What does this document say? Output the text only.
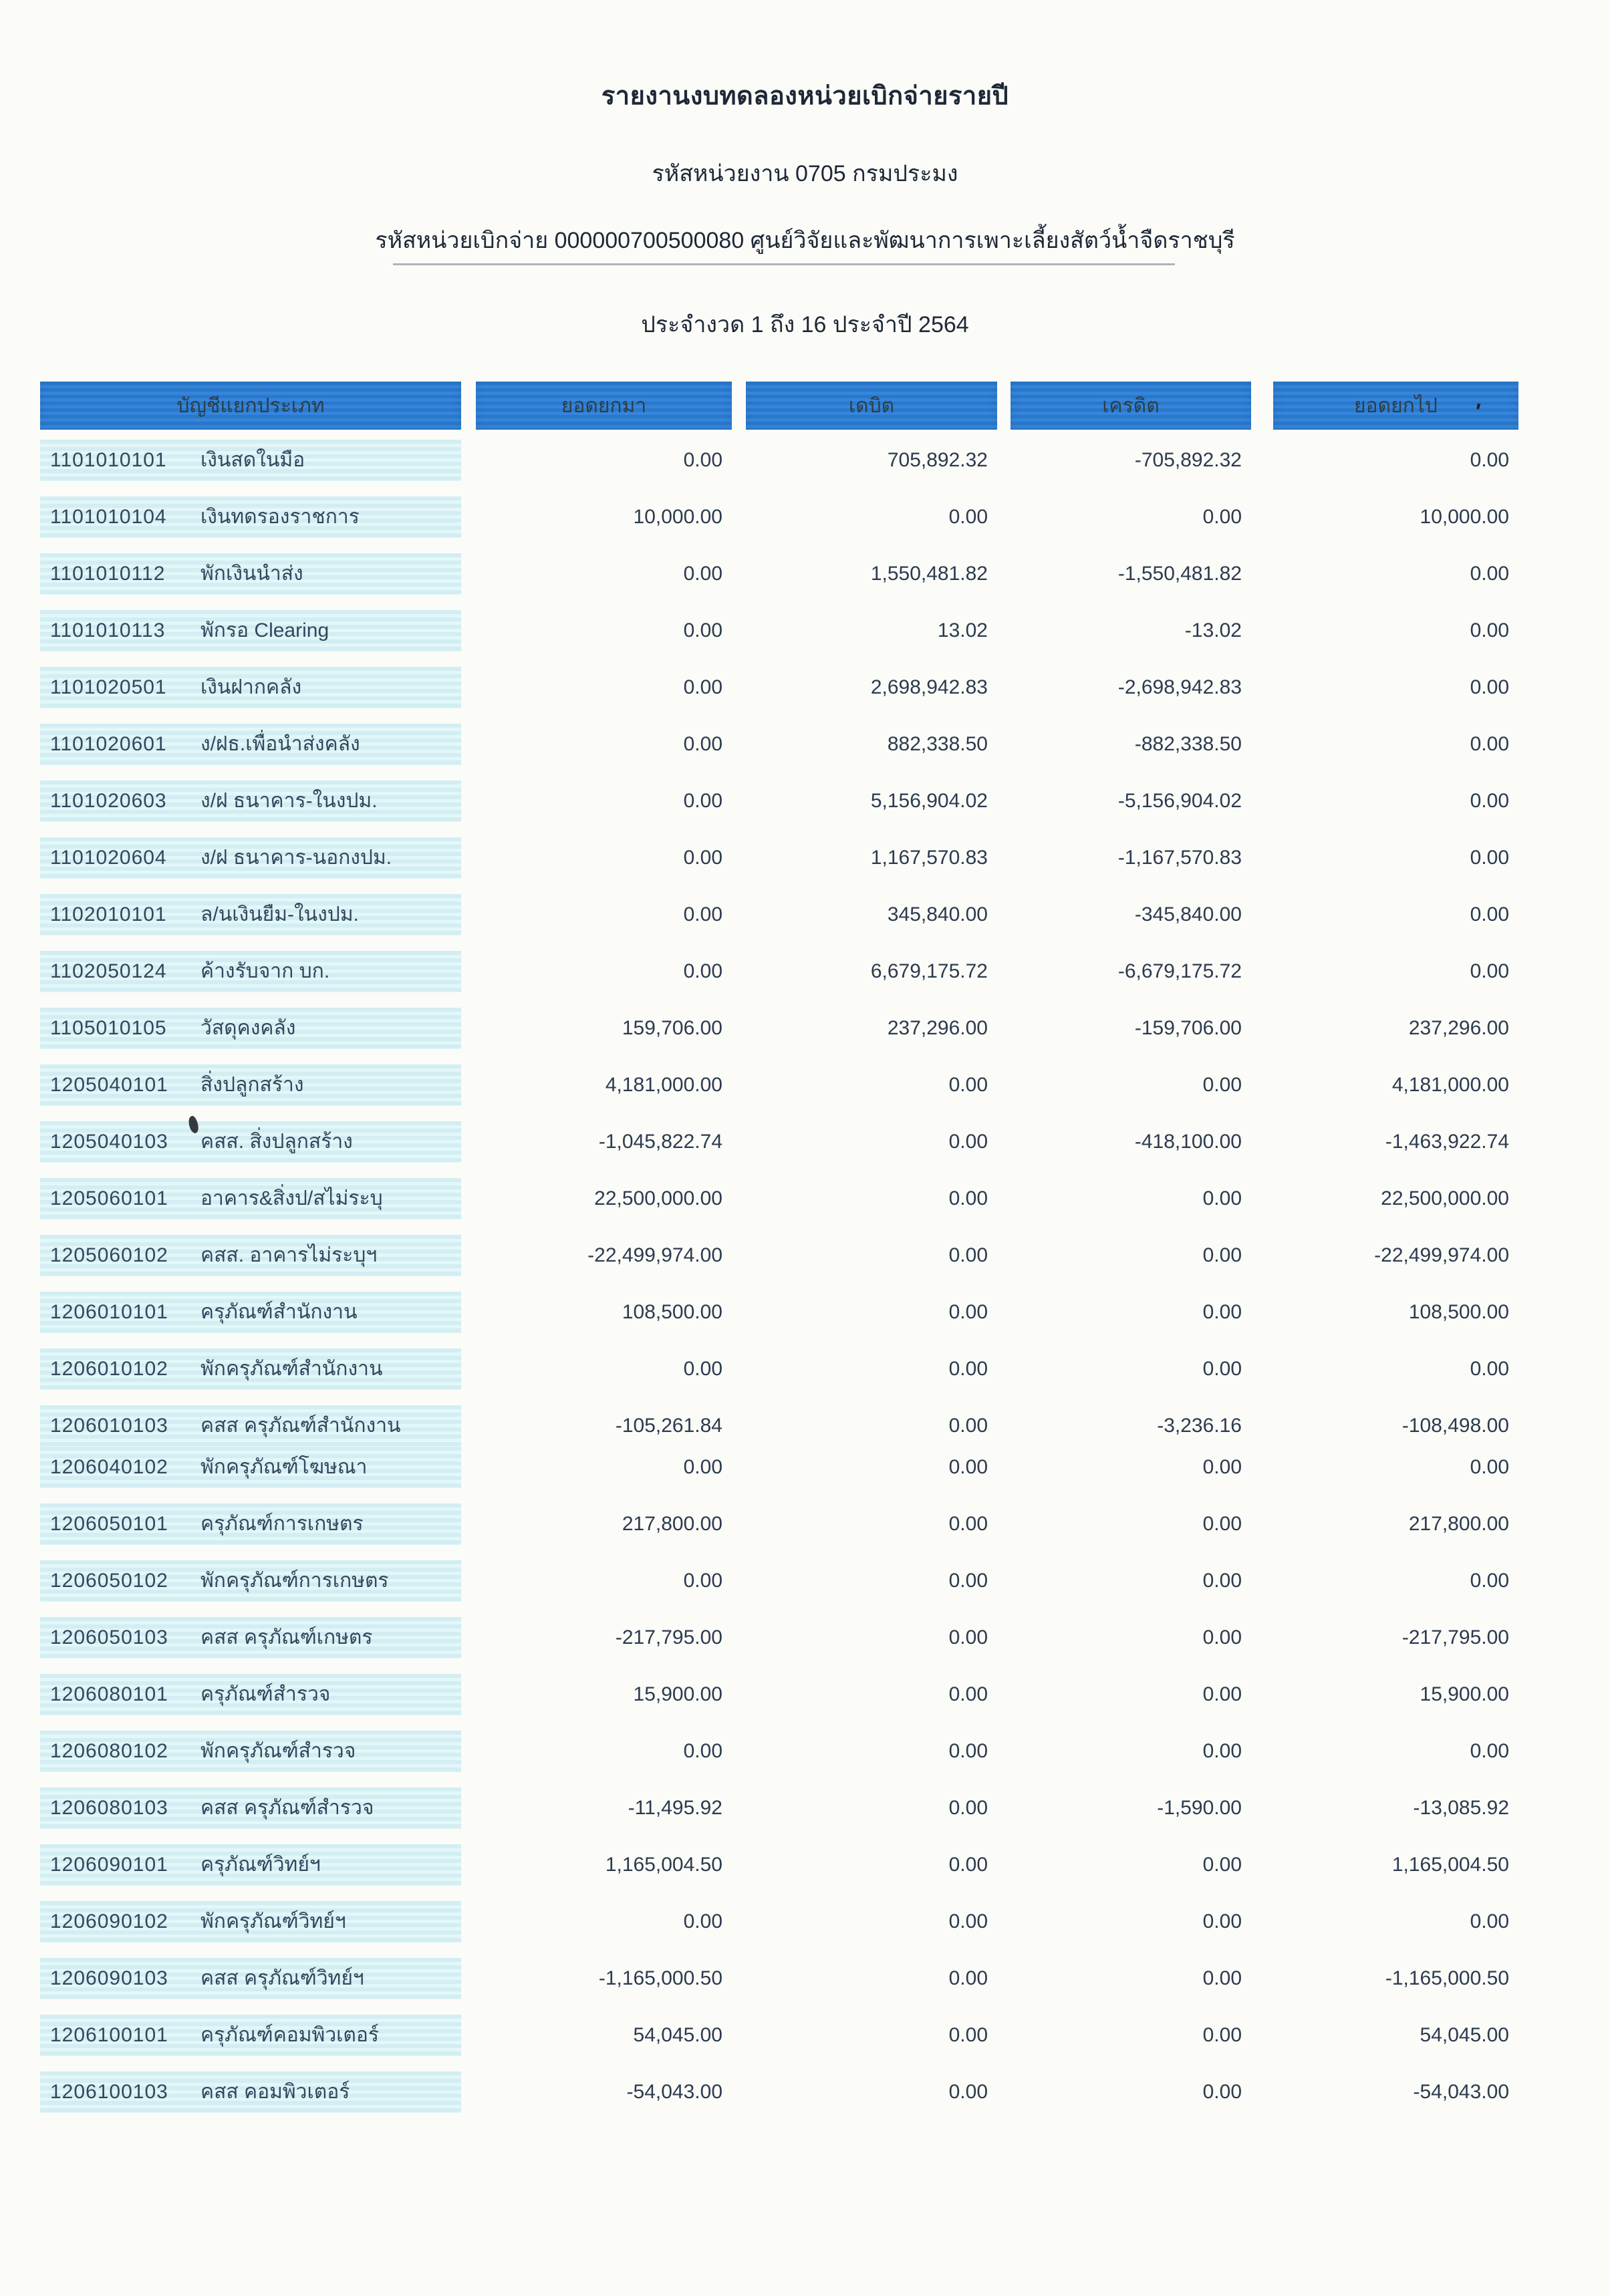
รายงานงบทดลองหน่วยเบิกจ่ายรายปี
รหัสหน่วยงาน 0705 กรมประมง
รหัสหน่วยเบิกจ่าย 000000700500080 ศูนย์วิจัยและพัฒนาการเพาะเลี้ยงสัตว์น้ำจืดราชบุรี
ประจำงวด 1 ถึง 16 ประจำปี 2564
บัญชีแยกประเภท	ยอดยกมา	เดบิต	เครดิต	ยอดยกไป '
1101010101 เงินสดในมือ	0.00	705,892.32	-705,892.32	0.00
1101010104 เงินทดรองราชการ	10,000.00	0.00	0.00	10,000.00
1101010112 พักเงินนำส่ง	0.00	1,550,481.82	-1,550,481.82	0.00
1101010113 พักรอ Clearing	0.00	13.02	-13.02	0.00
1101020501 เงินฝากคลัง	0.00	2,698,942.83	-2,698,942.83	0.00
1101020601 ง/ฝธ.เพื่อนำส่งคลัง	0.00	882,338.50	-882,338.50	0.00
1101020603 ง/ฝ ธนาคาร-ในงปม.	0.00	5,156,904.02	-5,156,904.02	0.00
1101020604 ง/ฝ ธนาคาร-นอกงปม.	0.00	1,167,570.83	-1,167,570.83	0.00
1102010101 ล/นเงินยืม-ในงปม.	0.00	345,840.00	-345,840.00	0.00
1102050124 ค้างรับจาก บก.	0.00	6,679,175.72	-6,679,175.72	0.00
1105010105 วัสดุคงคลัง	159,706.00	237,296.00	-159,706.00	237,296.00
1205040101 สิ่งปลูกสร้าง	4,181,000.00	0.00	0.00	4,181,000.00
1205040103 คสส. สิ่งปลูกสร้าง	-1,045,822.74	0.00	-418,100.00	-1,463,922.74
1205060101 อาคาร&สิ่งป/สไม่ระบุ	22,500,000.00	0.00	0.00	22,500,000.00
1205060102 คสส. อาคารไม่ระบุฯ	-22,499,974.00	0.00	0.00	-22,499,974.00
1206010101 ครุภัณฑ์สำนักงาน	108,500.00	0.00	0.00	108,500.00
1206010102 พักครุภัณฑ์สำนักงาน	0.00	0.00	0.00	0.00
1206010103 คสส ครุภัณฑ์สำนักงาน	-105,261.84	0.00	-3,236.16	-108,498.00
1206040102 พักครุภัณฑ์โฆษณา	0.00	0.00	0.00	0.00
1206050101 ครุภัณฑ์การเกษตร	217,800.00	0.00	0.00	217,800.00
1206050102 พักครุภัณฑ์การเกษตร	0.00	0.00	0.00	0.00
1206050103 คสส ครุภัณฑ์เกษตร	-217,795.00	0.00	0.00	-217,795.00
1206080101 ครุภัณฑ์สำรวจ	15,900.00	0.00	0.00	15,900.00
1206080102 พักครุภัณฑ์สำรวจ	0.00	0.00	0.00	0.00
1206080103 คสส ครุภัณฑ์สำรวจ	-11,495.92	0.00	-1,590.00	-13,085.92
1206090101 ครุภัณฑ์วิทย์ฯ	1,165,004.50	0.00	0.00	1,165,004.50
1206090102 พักครุภัณฑ์วิทย์ฯ	0.00	0.00	0.00	0.00
1206090103 คสส ครุภัณฑ์วิทย์ฯ	-1,165,000.50	0.00	0.00	-1,165,000.50
1206100101 ครุภัณฑ์คอมพิวเตอร์	54,045.00	0.00	0.00	54,045.00
1206100103 คสส คอมพิวเตอร์	-54,043.00	0.00	0.00	-54,043.00
